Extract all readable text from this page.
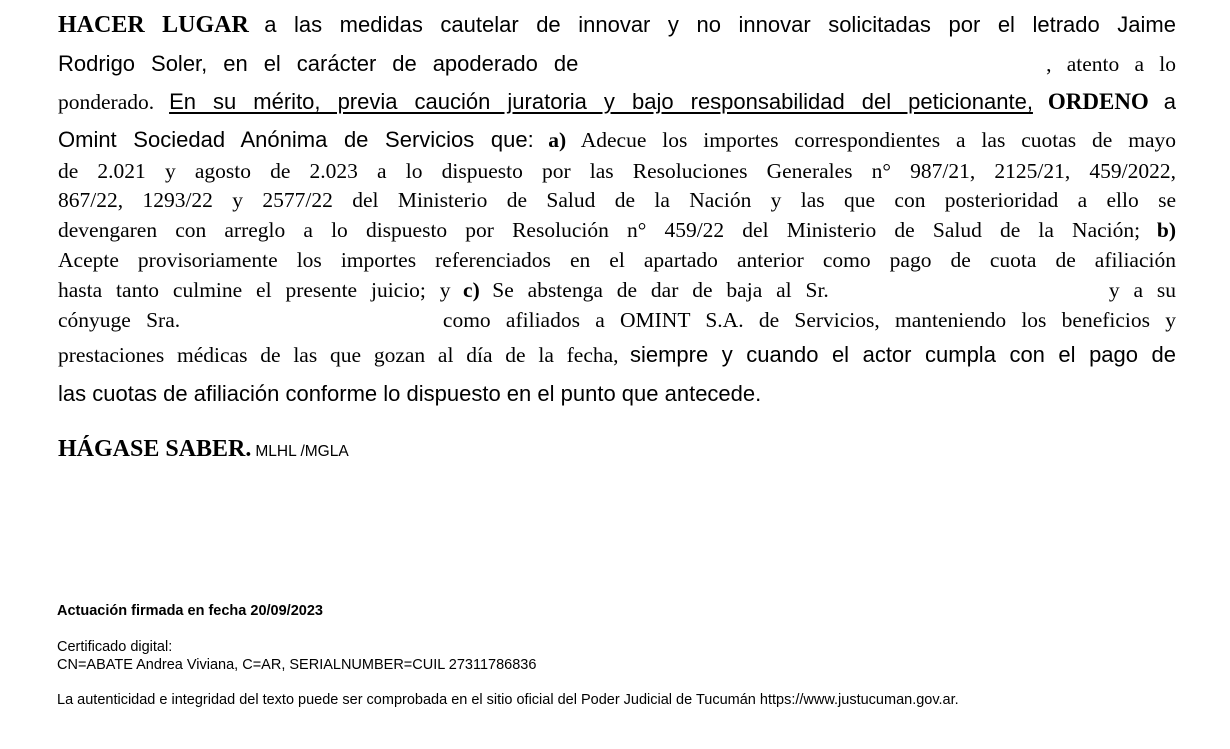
HACER LUGAR a las medidas cautelar de innovar y no innovar solicitadas por el letrado Jaime
Rodrigo Soler, en el carácter de apoderado de	, atento a lo
ponderado. En su mérito, previa caución juratoria y bajo responsabilidad del peticionante, ORDENO a
Omint Sociedad Anónima de Servicios que: a) Adecue los importes correspondientes a las cuotas de mayo
de 2.021 y agosto de 2.023 a lo dispuesto por las Resoluciones Generales n° 987/21, 2125/21, 459/2022,
867/22, 1293/22 y 2577/22 del Ministerio de Salud de la Nación y las que con posterioridad a ello se
devengaren con arreglo a lo dispuesto por Resolución n° 459/22 del Ministerio de Salud de la Nación; b)
Acepte provisoriamente los importes referenciados en el apartado anterior como pago de cuota de afiliación
hasta tanto culmine el presente juicio; y c) Se abstenga de dar de baja al Sr.	y a su
cónyuge Sra.	como afiliados a OMINT S.A. de Servicios, manteniendo los beneficios y
prestaciones médicas de las que gozan al día de la fecha, siempre y cuando el actor cumpla con el pago de
las cuotas de afiliación conforme lo dispuesto en el punto que antecede.
HÁGASE SABER. MLHL /MGLA
Actuación firmada en fecha 20/09/2023
Certificado digital:
CN=ABATE Andrea Viviana, C=AR, SERIALNUMBER=CUIL 27311786836
La autenticidad e integridad del texto puede ser comprobada en el sitio oficial del Poder Judicial de Tucumán https://www.justucuman.gov.ar.
